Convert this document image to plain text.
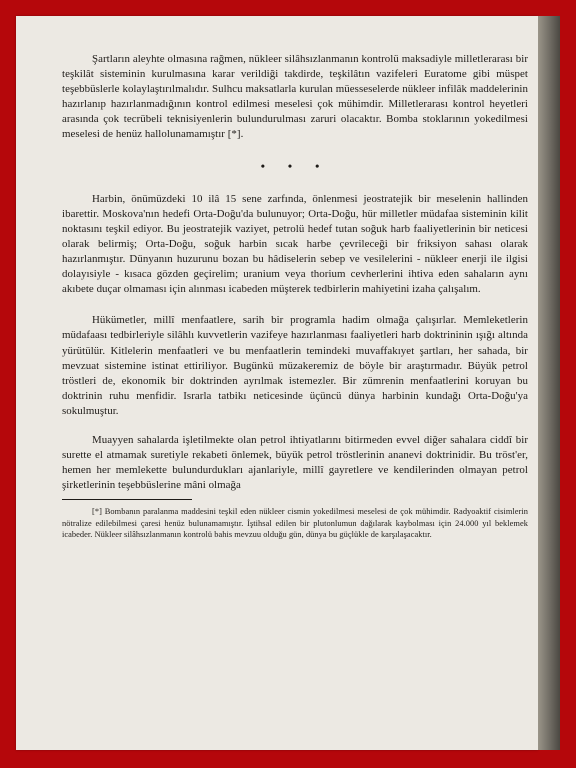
Şartların aleyhte olmasına rağmen, nükleer silâhsızlanmanın kontrolü maksadiyle milletlerarası bir teşkilât sisteminin kurulmasına karar verildiği takdirde, teşkilâtın vazifeleri Euratome gibi müspet teşebbüslerle kolaylaştırılmalıdır. Sulhcu maksatlarla kurulan müesseselerde nükleer infilâk maddelerinin hazırlanıp hazırlanmadığının kontrol edilmesi meselesi çok mühimdir. Milletlerarası kontrol heyetleri arasında çok tecrübeli teknisiyenlerin bulundurulması zaruri olacaktır. Bomba stoklarının yokedilmesi meselesi de henüz hallolunamamıştır [*].

• • •

Harbin, önümüzdeki 10 ilâ 15 sene zarfında, önlenmesi jeostratejik bir meselenin hallinden ibarettir. Moskova'nın hedefi Orta-Doğu'da bulunuyor; Orta-Doğu, hür milletler müdafaa sisteminin kilit noktasını teşkil ediyor. Bu jeostratejik vaziyet, petrolü hedef tutan soğuk harb faaliyetlerinin bir neticesi olarak belirmiş; Orta-Doğu, soğuk harbin sıcak harbe çevrileceği bir friksiyon sahası olarak hazırlanmıştır. Dünyanın huzurunu bozan bu hâdiselerin sebep ve vesilelerini - nükleer enerji ile ilgisi dolayısiyle - kısaca gözden geçirelim; uranium veya thorium cevherlerini ihtiva eden sahaların aynı akıbete duçar olmaması için alınması icabeden müşterek tedbirlerin mahiyetini izaha çalışalım.

Hükümetler, millî menfaatlere, sarih bir programla hadim olmağa çalışırlar. Memleketlerin müdafaası tedbirleriyle silâhlı kuvvetlerin vazifeye hazırlanması faaliyetleri harb doktrininin ışığı altında yürütülür. Kitlelerin menfaatleri ve bu menfaatlerin temindeki muvaffakıyet şartları, her sahada, bir mevzuat sistemine istinat ettiriliyor. Bugünkü müzakeremiz de böyle bir araştırmadır. Büyük petrol tröstleri de, ekonomik bir doktrinden ayrılmak istemezler. Bir zümrenin menfaatlerini koruyan bu doktrinin ruhu menfidir. Israrla tatbikı neticesinde üçüncü dünya harbinin kundağı Orta-Doğu'ya sokulmuştur.

Muayyen sahalarda işletilmekte olan petrol ihtiyatlarını bitirmeden evvel diğer sahalara ciddî bir surette el atmamak suretiyle rekabeti önlemek, büyük petrol tröstlerinin ananevi doktrinidir. Bu tröst'er, hemen her memlekette bulundurdukları ajanlariyle, millî gayretlere ve kendilerinden olmayan petrol şirketlerinin teşebbüslerine mâni olmağa

[*] Bombanın paralanma maddesini teşkil eden nükleer cismin yokedilmesi meselesi de çok mühimdir. Radyoaktif cisimlerin nötralize edilebilmesi çaresi henüz bulunamamıştır. İştihsal edilen bir plutonlumun dağılarak kaybolması için 24.000 yıl beklemek icabeder. Nükleer silâhsızlanmanın kontrolü bahis mevzuu olduğu gün, dünya bu güçlükle de karşılaşacaktır.
